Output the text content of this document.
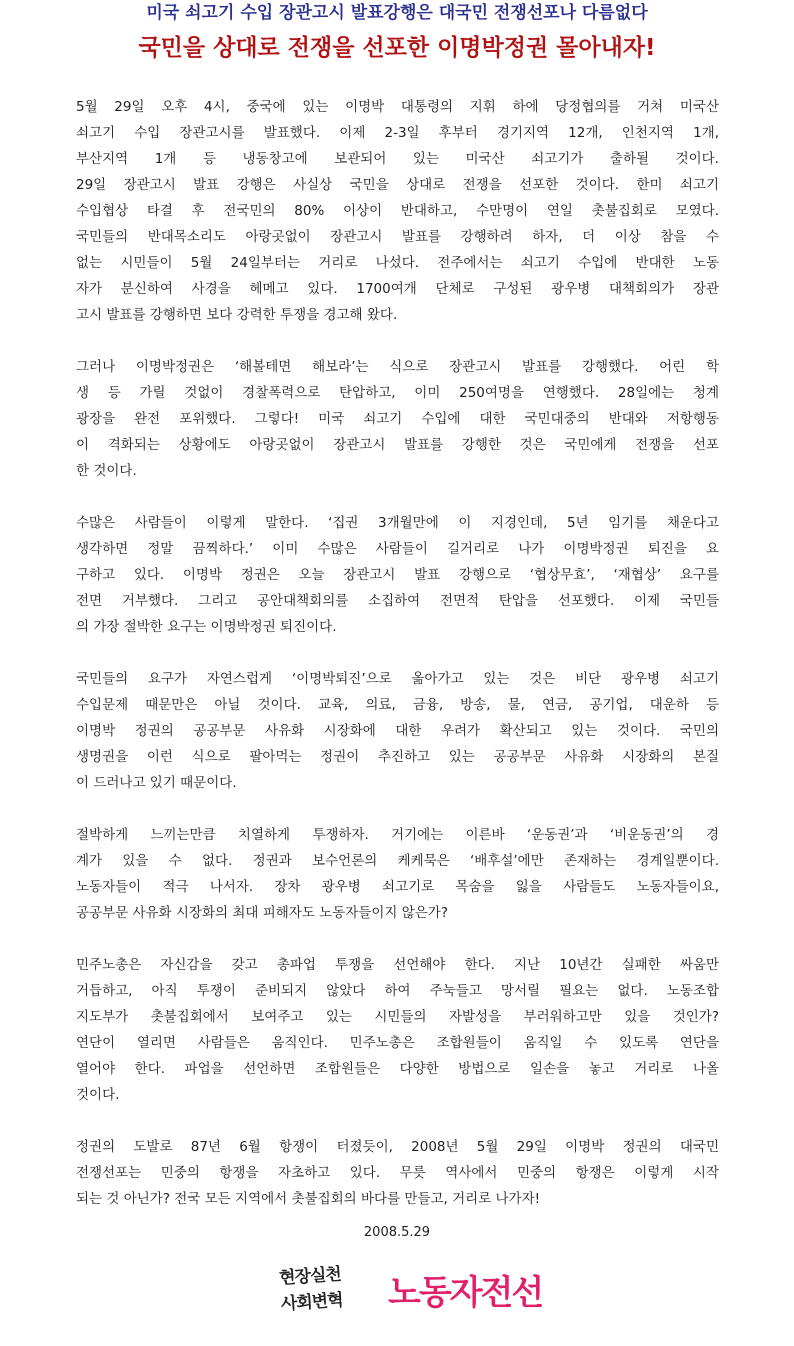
미국 쇠고기 수입 장관고시 발표강행은 대국민 전쟁선포나 다름없다
국민을 상대로 전쟁을 선포한 이명박정권 몰아내자!

5월 29일 오후 4시, 중국에 있는 이명박 대통령의 지휘 하에 당정협의를 거쳐 미국산
쇠고기 수입 장관고시를 발표했다. 이제 2-3일 후부터 경기지역 12개, 인천지역 1개,
부산지역 1개 등 냉동창고에 보관되어 있는 미국산 쇠고기가 출하될 것이다.
29일 장관고시 발표 강행은 사실상 국민을 상대로 전쟁을 선포한 것이다. 한미 쇠고기
수입협상 타결 후 전국민의 80% 이상이 반대하고, 수만명이 연일 촛불집회로 모였다.
국민들의 반대목소리도 아랑곳없이 장관고시 발표를 강행하려 하자, 더 이상 참을 수
없는 시민들이 5월 24일부터는 거리로 나섰다. 전주에서는 쇠고기 수입에 반대한 노동
자가 분신하여 사경을 헤메고 있다. 1700여개 단체로 구성된 광우병 대책회의가 장관
고시 발표를 강행하면 보다 강력한 투쟁을 경고해 왔다.

그러나 이명박정권은 ‘해볼테면 해보라’는 식으로 장관고시 발표를 강행했다. 어린 학
생 등 가릴 것없이 경찰폭력으로 탄압하고, 이미 250여명을 연행했다. 28일에는 청계
광장을 완전 포위했다. 그렇다! 미국 쇠고기 수입에 대한 국민대중의 반대와 저항행동
이 격화되는 상황에도 아랑곳없이 장관고시 발표를 강행한 것은 국민에게 전쟁을 선포
한 것이다.

수많은 사람들이 이렇게 말한다. ‘집권 3개월만에 이 지경인데, 5년 임기를 채운다고
생각하면 정말 끔찍하다.’ 이미 수많은 사람들이 길거리로 나가 이명박정권 퇴진을 요
구하고 있다. 이명박 정권은 오늘 장관고시 발표 강행으로 ‘협상무효’, ‘재협상’ 요구를
전면 거부했다. 그리고 공안대책회의를 소집하여 전면적 탄압을 선포했다. 이제 국민들
의 가장 절박한 요구는 이명박정권 퇴진이다.

국민들의 요구가 자연스럽게 ‘이명박퇴진’으로 옮아가고 있는 것은 비단 광우병 쇠고기
수입문제 때문만은 아닐 것이다. 교육, 의료, 금융, 방송, 물, 연금, 공기업, 대운하 등
이명박 정권의 공공부문 사유화 시장화에 대한 우려가 확산되고 있는 것이다. 국민의
생명권을 이런 식으로 팔아먹는 정권이 추진하고 있는 공공부문 사유화 시장화의 본질
이 드러나고 있기 때문이다.

절박하게 느끼는만큼 치열하게 투쟁하자. 거기에는 이른바 ‘운동권’과 ‘비운동권’의 경
계가 있을 수 없다. 정권과 보수언론의 케케묵은 ‘배후설’에만 존재하는 경계일뿐이다.
노동자들이 적극 나서자. 장차 광우병 쇠고기로 목숨을 잃을 사람들도 노동자들이요,
공공부문 사유화 시장화의 최대 피해자도 노동자들이지 않은가?

민주노총은 자신감을 갖고 총파업 투쟁을 선언해야 한다. 지난 10년간 실패한 싸움만
거듭하고, 아직 투쟁이 준비되지 않았다 하여 주눅들고 망서릴 필요는 없다. 노동조합
지도부가 촛불집회에서 보여주고 있는 시민들의 자발성을 부러워하고만 있을 것인가?
연단이 열리면 사람들은 움직인다. 민주노총은 조합원들이 움직일 수 있도록 연단을
열어야 한다. 파업을 선언하면 조합원들은 다양한 방법으로 일손을 놓고 거리로 나올
것이다.

정권의 도발로 87년 6월 항쟁이 터졌듯이, 2008년 5월 29일 이명박 정권의 대국민
전쟁선포는 민중의 항쟁을 자초하고 있다. 무릇 역사에서 민중의 항쟁은 이렇게 시작
되는 것 아닌가? 전국 모든 지역에서 촛불집회의 바다를 만들고, 거리로 나가자!

2008.5.29
현장실천
사회변혁	노동자전선
